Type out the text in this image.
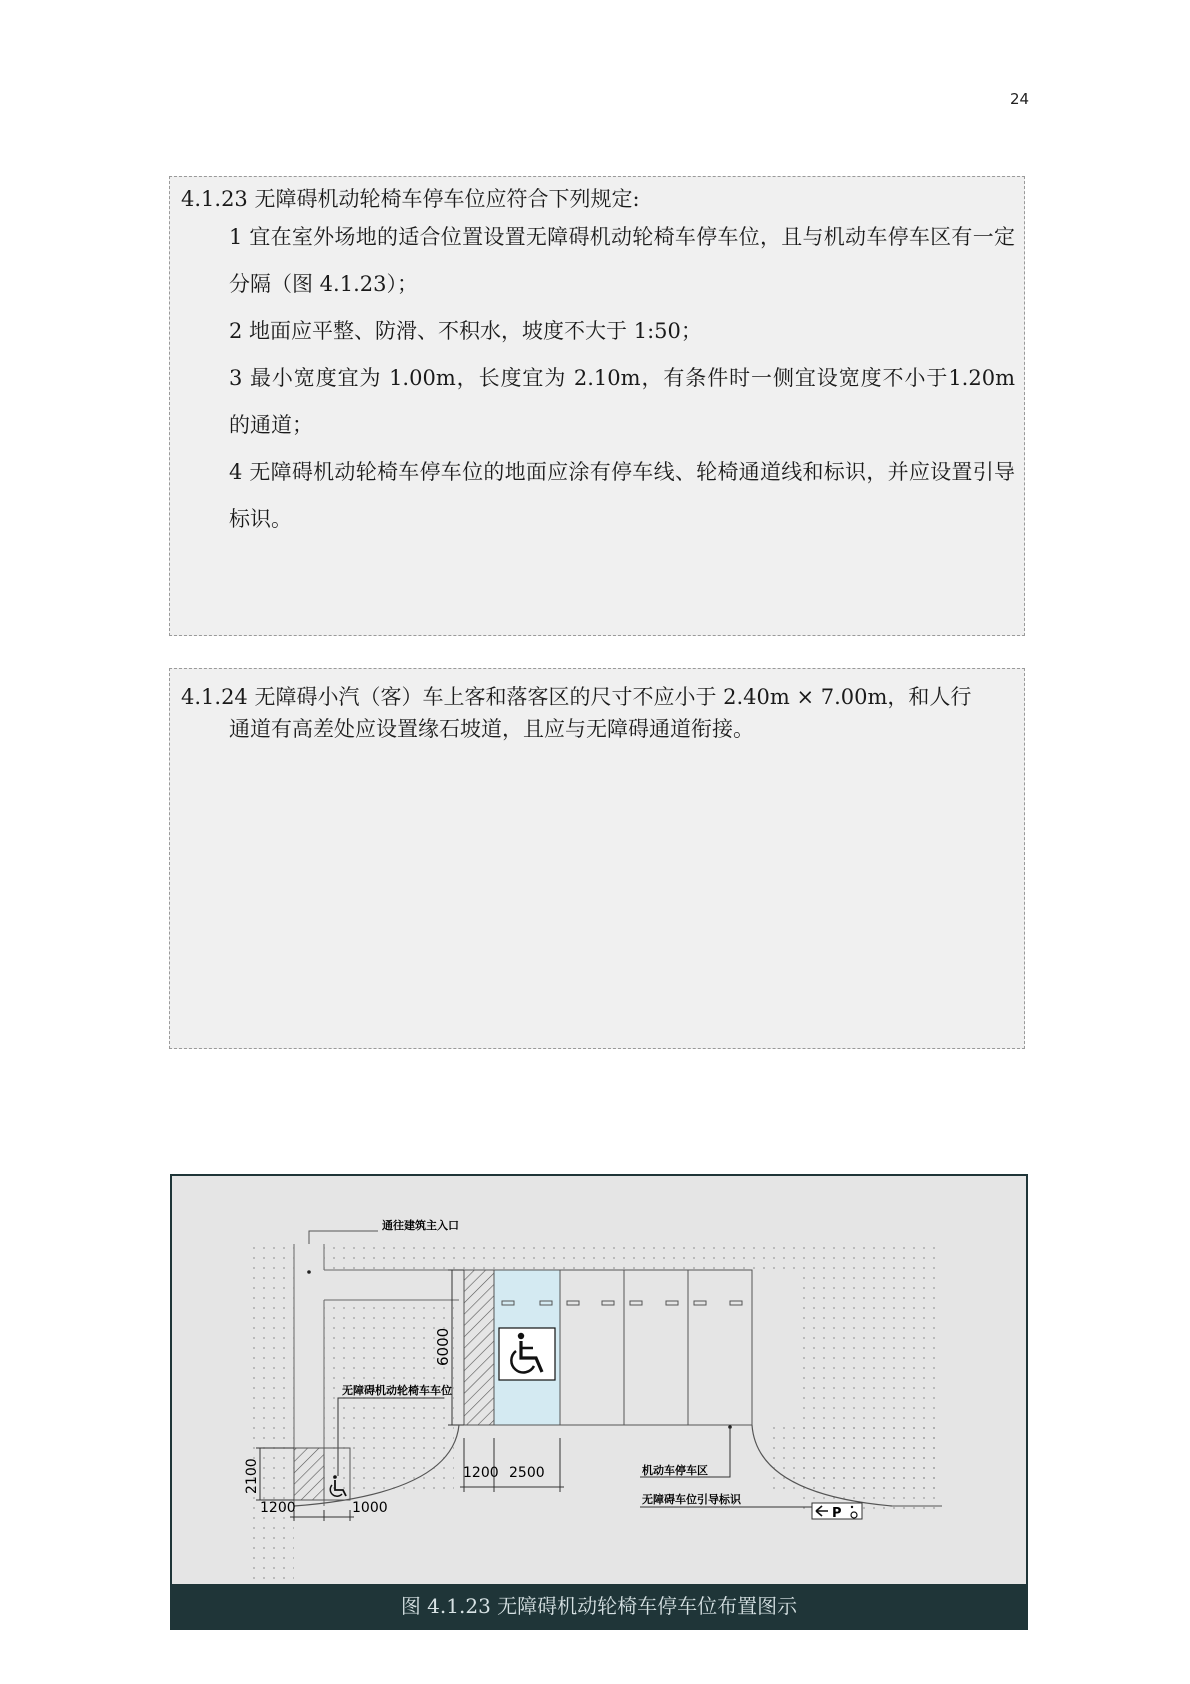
24
4.1.23 无障碍机动轮椅车停车位应符合下列规定:
1 宜在室外场地的适合位置设置无障碍机动轮椅车停车位，且与机动车停车区有一定分隔（图 4.1.23）；
2 地面应平整、防滑、不积水，坡度不大于 1:50；
3 最小宽度宜为 1.00m，长度宜为 2.10m，有条件时一侧宜设宽度不小于1.20m 的通道；
4 无障碍机动轮椅车停车位的地面应涂有停车线、轮椅通道线和标识，并应设置引导标识。
4.1.24 无障碍小汽（客）车上客和落客区的尺寸不应小于 2.40m × 7.00m，和人行
通道有高差处应设置缘石坡道，且应与无障碍通道衔接。
通往建筑主入口
6000
无障碍机动轮椅车车位
2100
1200	1000
1200 2500	机动车停车区
无障碍车位引导标识
P
图 4.1.23 无障碍机动轮椅车停车位布置图示
